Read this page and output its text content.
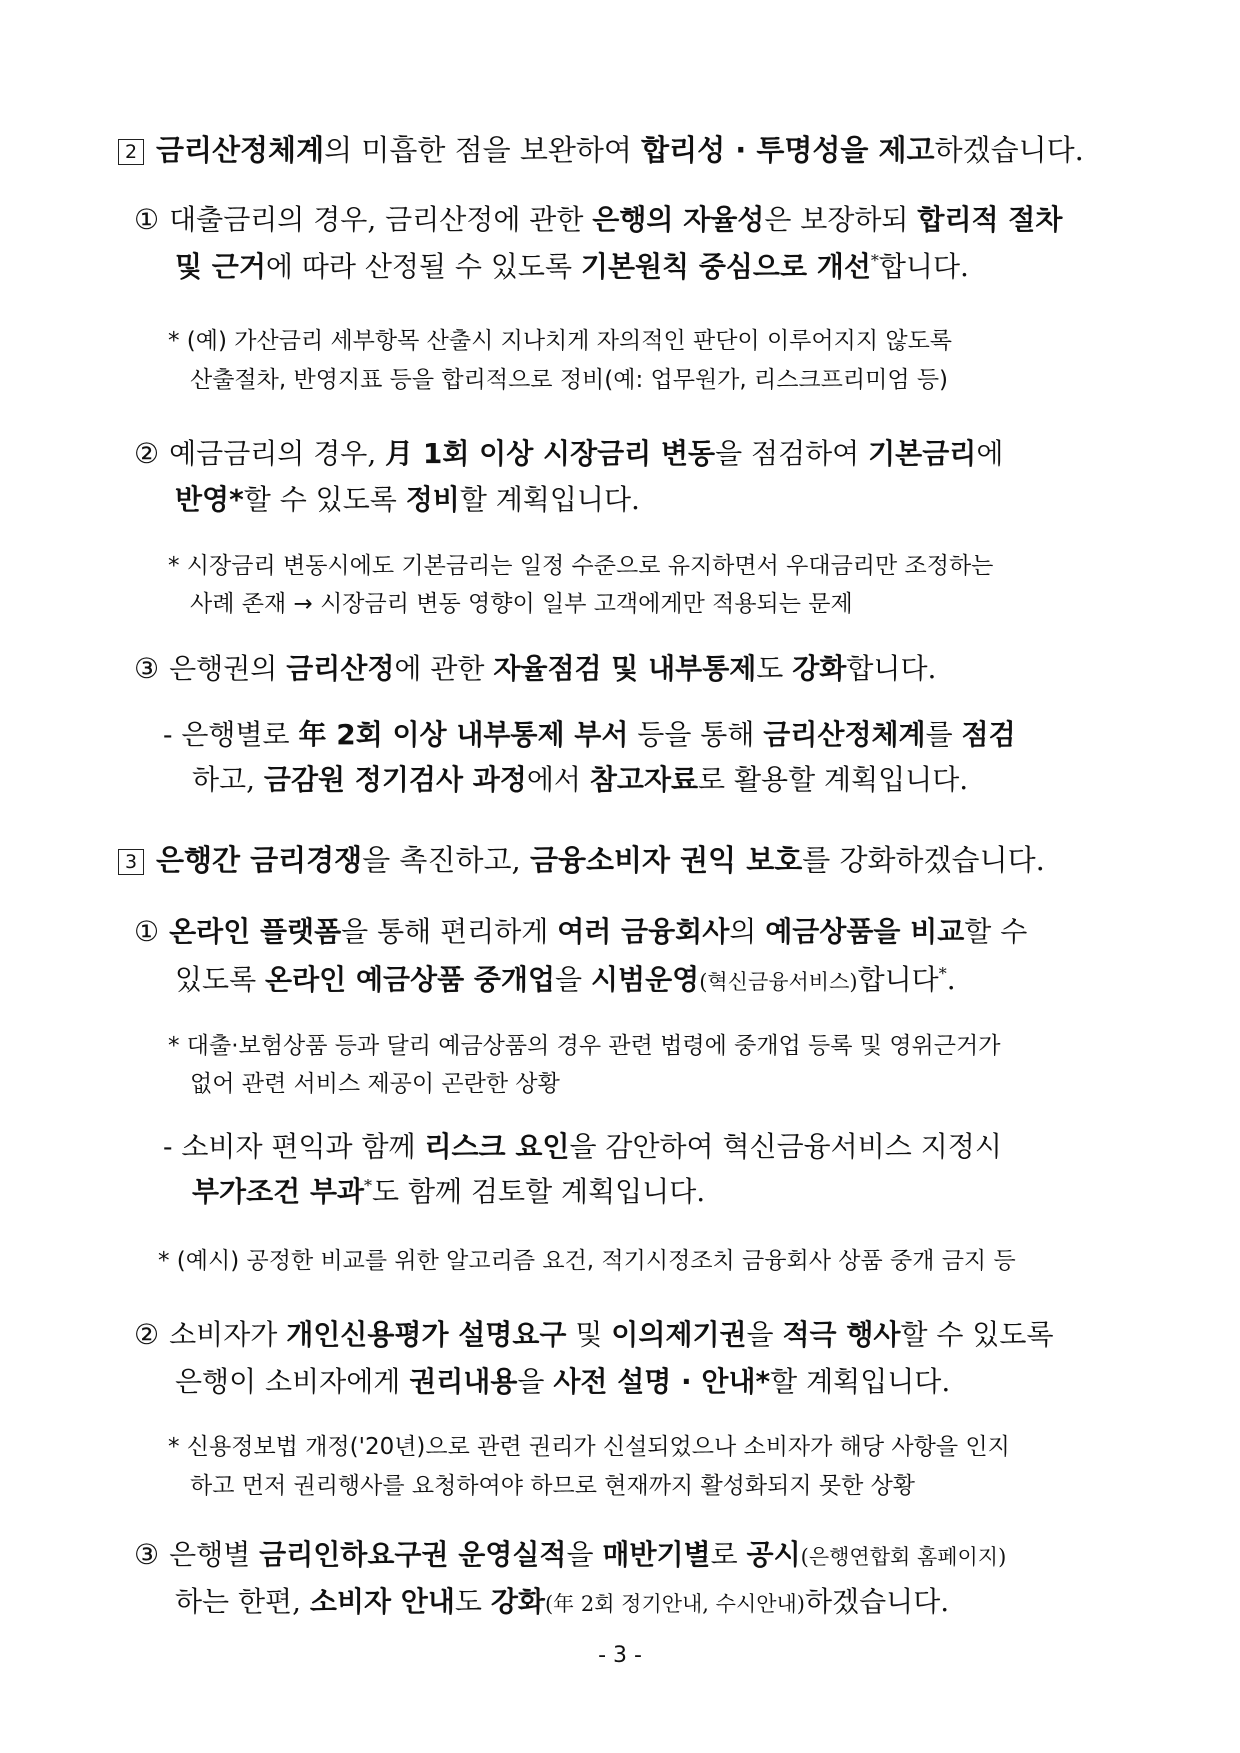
2 금리산정체계의 미흡한 점을 보완하여 합리성 · 투명성을 제고하겠습니다.
① 대출금리의 경우, 금리산정에 관한 은행의 자율성은 보장하되 합리적 절차
및 근거에 따라 산정될 수 있도록 기본원칙 중심으로 개선*합니다.
* (예) 가산금리 세부항목 산출시 지나치게 자의적인 판단이 이루어지지 않도록
산출절차, 반영지표 등을 합리적으로 정비(예: 업무원가, 리스크프리미엄 등)
② 예금금리의 경우, 月 1회 이상 시장금리 변동을 점검하여 기본금리에
반영*할 수 있도록 정비할 계획입니다.
* 시장금리 변동시에도 기본금리는 일정 수준으로 유지하면서 우대금리만 조정하는
사례 존재 → 시장금리 변동 영향이 일부 고객에게만 적용되는 문제
③ 은행권의 금리산정에 관한 자율점검 및 내부통제도 강화합니다.
- 은행별로 年 2회 이상 내부통제 부서 등을 통해 금리산정체계를 점검
하고, 금감원 정기검사 과정에서 참고자료로 활용할 계획입니다.
3 은행간 금리경쟁을 촉진하고, 금융소비자 권익 보호를 강화하겠습니다.
① 온라인 플랫폼을 통해 편리하게 여러 금융회사의 예금상품을 비교할 수
있도록 온라인 예금상품 중개업을 시범운영(혁신금융서비스)합니다*.
* 대출·보험상품 등과 달리 예금상품의 경우 관련 법령에 중개업 등록 및 영위근거가
없어 관련 서비스 제공이 곤란한 상황
- 소비자 편익과 함께 리스크 요인을 감안하여 혁신금융서비스 지정시
부가조건 부과*도 함께 검토할 계획입니다.
* (예시) 공정한 비교를 위한 알고리즘 요건, 적기시정조치 금융회사 상품 중개 금지 등
② 소비자가 개인신용평가 설명요구 및 이의제기권을 적극 행사할 수 있도록
은행이 소비자에게 권리내용을 사전 설명 · 안내*할 계획입니다.
* 신용정보법 개정('20년)으로 관련 권리가 신설되었으나 소비자가 해당 사항을 인지
하고 먼저 권리행사를 요청하여야 하므로 현재까지 활성화되지 못한 상황
③ 은행별 금리인하요구권 운영실적을 매반기별로 공시(은행연합회 홈페이지)
하는 한편, 소비자 안내도 강화(年 2회 정기안내, 수시안내)하겠습니다.
- 3 -
